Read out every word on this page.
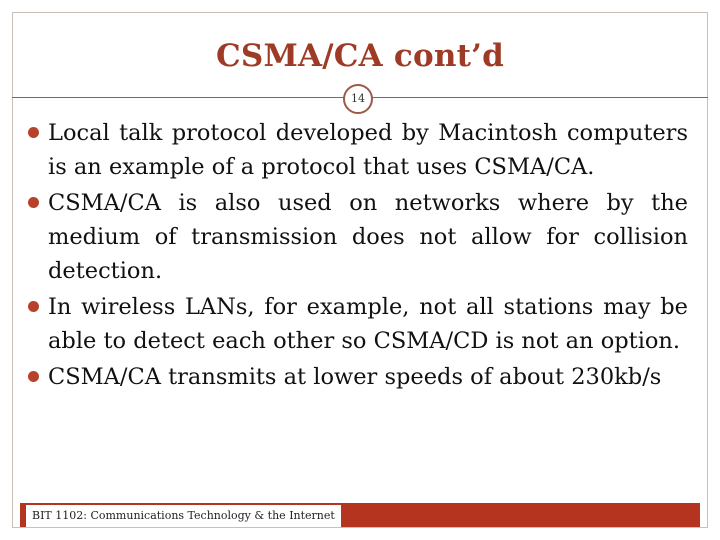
CSMA/CA cont’d
14
Local talk protocol developed by Macintosh computers is an example of a protocol that uses CSMA/CA.
CSMA/CA is also used on networks where by the medium of transmission does not allow for collision detection.
In wireless LANs, for example, not all stations may be able to detect each other so CSMA/CD is not an option.
CSMA/CA transmits at lower speeds of about 230kb/s
BIT 1102: Communications Technology & the Internet
